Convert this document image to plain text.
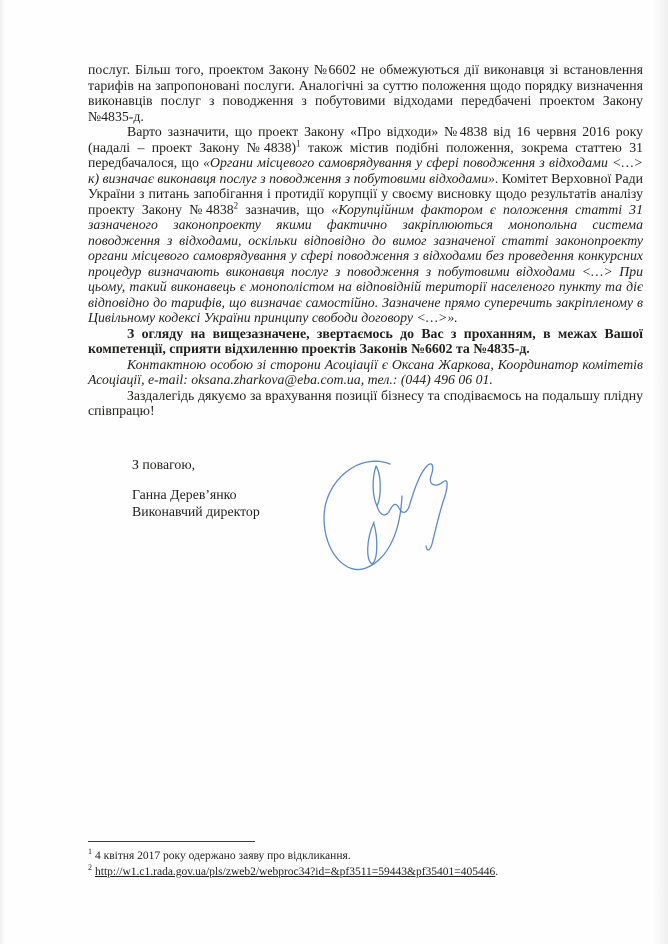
послуг. Більш того, проектом Закону №6602 не обмежуються дії виконавця зі встановлення тарифів на запропоновані послуги. Аналогічні за суттю положення щодо порядку визначення виконавців послуг з поводження з побутовими відходами передбачені проектом Закону №4835-д.

Варто зазначити, що проект Закону «Про відходи» №4838 від 16 червня 2016 року (надалі – проект Закону №4838)$^1$ також містив подібні положення, зокрема статтею 31 передбачалося, що «Органи місцевого самоврядування у сфері поводження з відходами <…> к) визначає виконавця послуг з поводження з побутовими відходами». Комітет Верховної Ради України з питань запобігання і протидії корупції у своєму висновку щодо результатів аналізу проекту Закону №4838$^2$ зазначив, що «Корупційним фактором є положення статті 31 зазначеного законопроекту якими фактично закріплюються монопольна система поводження з відходами, оскільки відповідно до вимог зазначеної статті законопроекту органи місцевого самоврядування у сфері поводження з відходами без проведення конкурсних процедур визначають виконавця послуг з поводження з побутовими відходами <…> При цьому, такий виконавець є монополістом на відповідній території населеного пункту та діє відповідно до тарифів, що визначає самостійно. Зазначене прямо суперечить закріпленому в Цивільному кодексі України принципу свободи договору <…>».

З огляду на вищезазначене, звертаємось до Вас з проханням, в межах Вашої компетенції, сприяти відхиленню проектів Законів №6602 та №4835-д.

Контактною особою зі сторони Асоціації є Оксана Жаркова, Координатор комітетів Асоціації, e-mail: oksana.zharkova@eba.com.ua, тел.: (044) 496 06 01.

Заздалегідь дякуємо за врахування позиції бізнесу та сподіваємось на подальшу плідну співпрацю!

З повагою,

Ганна Дерев’янко

Виконавчий директор

$^1$ 4 квітня 2017 року одержано заяву про відкликання.
$^2$ http://w1.c1.rada.gov.ua/pls/zweb2/webproc34?id=&pf3511=59443&pf35401=405446.
